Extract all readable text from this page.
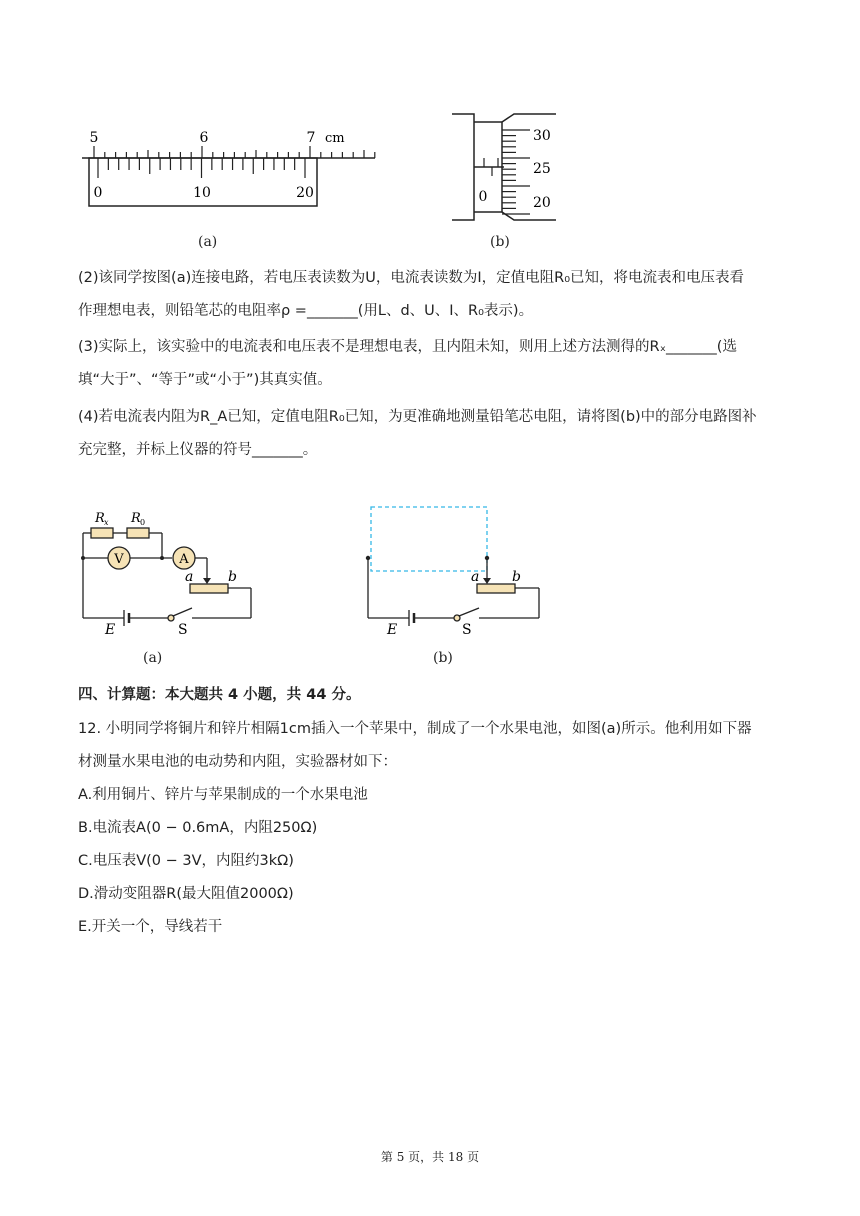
5	6	7 cm
0	10	20
(a)
0
30
25
20
(b)
(2)该同学按图(a)连接电路，若电压表读数为U，电流表读数为I，定值电阻R₀已知，将电流表和电压表看
作理想电表，则铅笔芯的电阻率ρ =_______(用L、d、U、I、R₀表示)。
(3)实际上，该实验中的电流表和电压表不是理想电表，且内阻未知，则用上述方法测得的Rₓ_______(选
填“大于”、“等于”或“小于”)其真实值。
(4)若电流表内阻为R_A已知，定值电阻R₀已知，为更准确地测量铅笔芯电阻，请将图(b)中的部分电路图补
充完整，并标上仪器的符号_______。
R x R 0
V	A
a b
E	S
(a)
a b
E	S
(b)
四、计算题：本大题共 4 小题，共 44 分。
12. 小明同学将铜片和锌片相隔1cm插入一个苹果中，制成了一个水果电池，如图(a)所示。他利用如下器
材测量水果电池的电动势和内阻，实验器材如下：
A.利用铜片、锌片与苹果制成的一个水果电池
B.电流表A(0 − 0.6mA，内阻250Ω)
C.电压表V(0 − 3V，内阻约3kΩ)
D.滑动变阻器R(最大阻值2000Ω)
E.开关一个，导线若干
第 5 页，共 18 页
